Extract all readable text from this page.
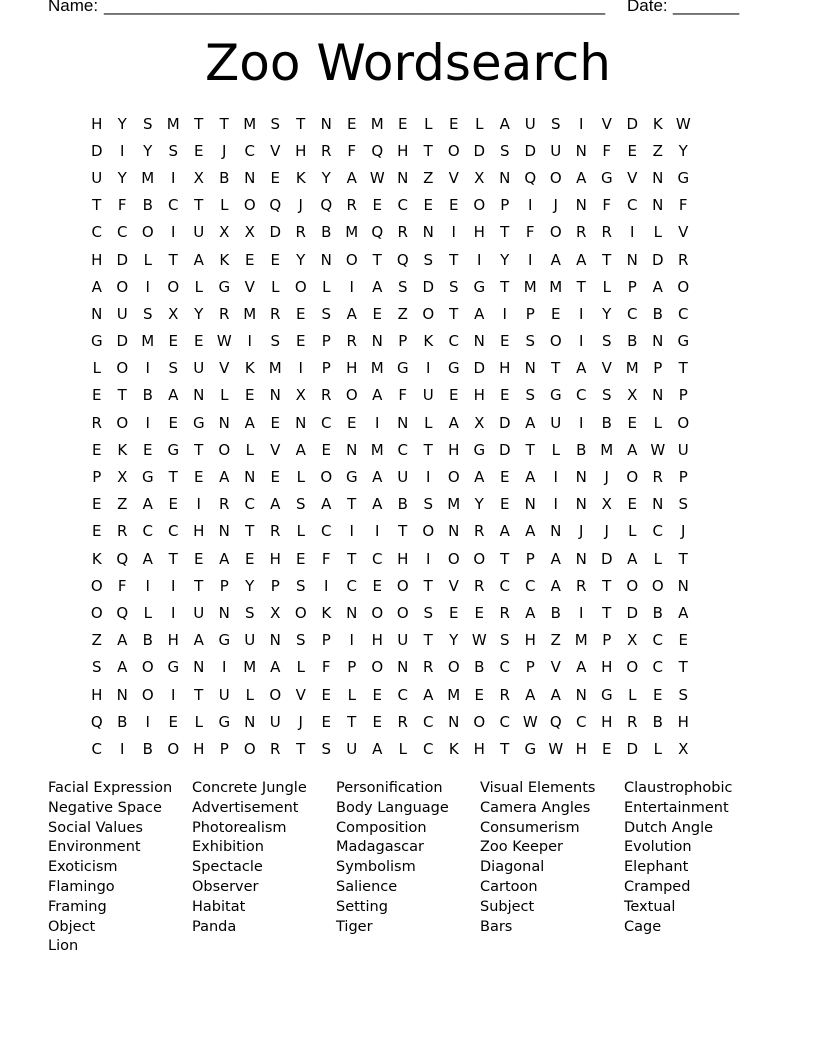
Name: _____________________________________________________ Date: _______
Zoo Wordsearch
H	Y	S M T	T M S	T	N	E M E	L	E	L	A U	S	I	V D K W
D	I	Y	S	E	J	C	V H R	F	Q H	T	O D S D U N	F	E	Z	Y
U	Y M	I	X	B N	E	K	Y	A W N Z	V	X N Q O A G V N G
T	F	B	C	T	L	O Q	J	Q R	E	C	E	E O	P	I	J	N	F	C N	F
C	C O	I	U X	X D R	B M Q R N	I	H	T	F	O R	R	I	L	V
H D	L	T	A	K	E	E	Y	N O	T	Q S	T	I	Y	I	A	A	T	N D R
A O	I	O	L	G V	L	O	L	I	A	S D S G	T M M T	L	P	A O
N U	S	X	Y	R M R	E	S	A	E	Z O	T	A	I	P	E	I	Y	C	B	C
G D M E	E W	I	S	E	P	R N	P	K	C N	E	S O	I	S	B N G
L	O	I	S	U V	K M	I	P	H M G	I	G D H N	T	A	V M P	T
E	T	B	A N	L	E	N X	R O A	F	U	E	H	E	S G C	S	X N	P
R O	I	E G N A	E	N C	E	I	N	L	A	X D A U	I	B	E	L	O
E	K	E G	T	O	L	V	A	E	N M C	T	H G D	T	L	B M A W U
P	X G	T	E	A N	E	L	O G A U	I	O A	E	A	I	N	J	O R	P
E	Z	A	E	I	R	C	A	S	A	T	A	B	S M Y	E	N	I	N X	E	N	S
E	R	C	C H N	T	R	L	C	I	I	T	O N R	A	A N	J	J	L	C	J
K Q A	T	E	A	E	H	E	F	T	C H	I	O O	T	P	A N D A	L	T
O	F	I	I	T	P	Y	P	S	I	C	E O	T	V	R	C	C	A	R	T	O O N
O Q	L	I	U N	S	X O K N O O S	E	E	R	A	B	I	T	D B	A
Z	A	B H A G U N	S	P	I	H U	T	Y W S	H Z M P	X	C	E
S	A O G N	I	M A	L	F	P	O N R O B	C	P	V	A H O C	T
H N O	I	T	U	L	O V	E	L	E	C	A M E	R	A	A N G	L	E	S
Q B	I	E	L	G N U	J	E	T	E	R	C N O C W Q C H R	B H
C	I	B O H	P	O R	T	S	U A	L	C	K H	T	G W H	E D	L	X
Facial Expression
Negative Space
Social Values
Environment
Exoticism
Flamingo
Framing
Object
Lion
Concrete Jungle
Advertisement
Photorealism
Exhibition
Spectacle
Observer
Habitat
Panda
Personification
Body Language
Composition
Madagascar
Symbolism
Salience
Setting
Tiger
Visual Elements
Camera Angles
Consumerism
Zoo Keeper
Diagonal
Cartoon
Subject
Bars
Claustrophobic
Entertainment
Dutch Angle
Evolution
Elephant
Cramped
Textual
Cage
